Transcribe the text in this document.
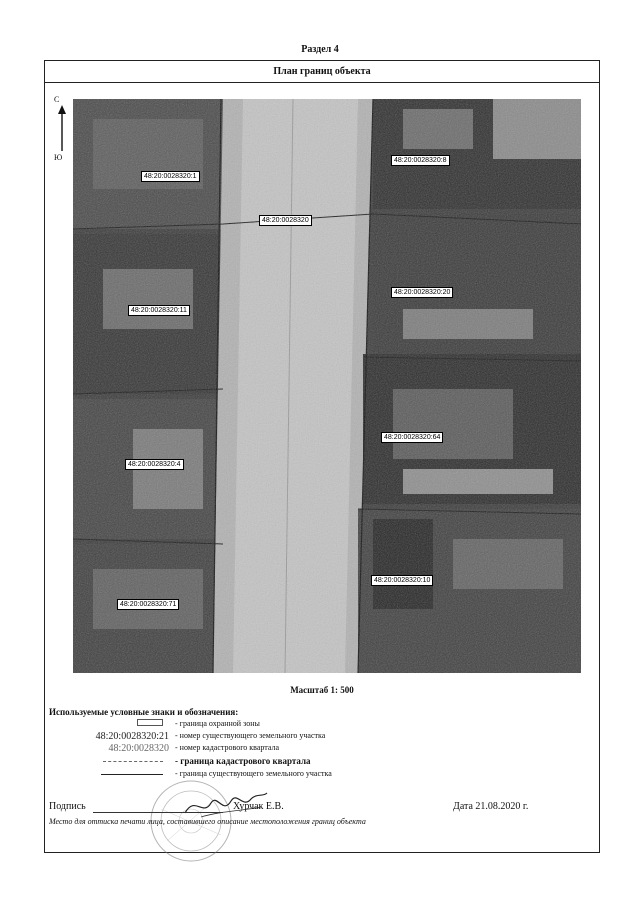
Раздел 4
План границ объекта
С
Ю
48:20:0028320:1
48:20:0028320:8
48:20:0028320
48:20:0028320:11
48:20:0028320:20
48:20:0028320:64
48:20:0028320:4
48:20:0028320:10
48:20:0028320:71
Масштаб 1: 500
Используемые условные знаки и обозначения:
- граница охранной зоны
48:20:0028320:21 - номер существующего земельного участка
48:20:0028320 - номер кадастрового квартала
- граница кадастрового квартала
- граница существующего земельного участка
Подпись	Хурчак Е.В.	Дата 21.08.2020 г.
Место для оттиска печати лица, составившего описание местоположения границ объекта
